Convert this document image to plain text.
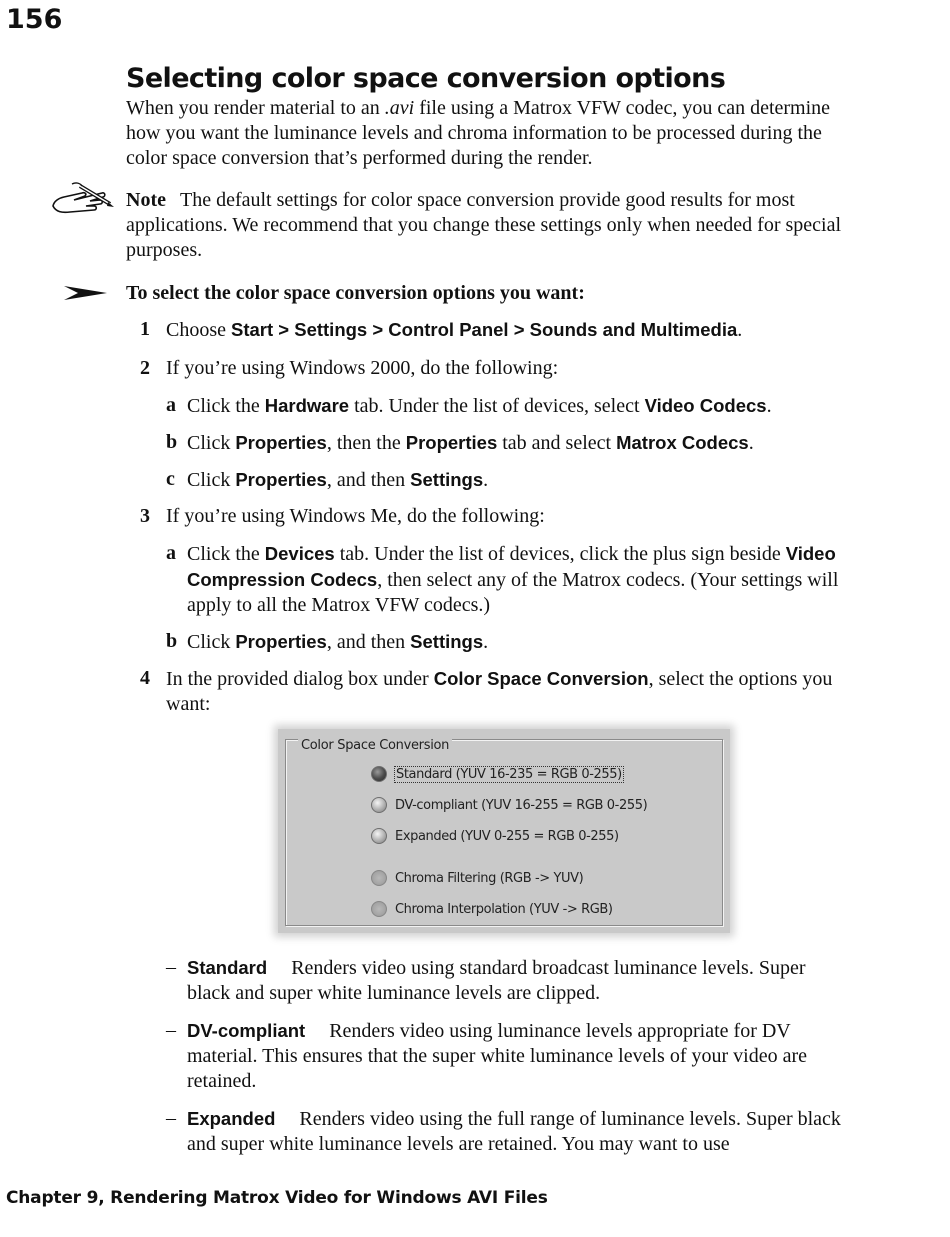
156
Selecting color space conversion options

When you render material to an .avi file using a Matrox VFW codec, you can determine how you want the luminance levels and chroma information to be processed during the color space conversion that’s performed during the render.

Note The default settings for color space conversion provide good results for most applications. We recommend that you change these settings only when needed for special purposes.

To select the color space conversion options you want:
1 Choose Start > Settings > Control Panel > Sounds and Multimedia.
2 If you’re using Windows 2000, do the following:
a Click the Hardware tab. Under the list of devices, select Video Codecs.
b Click Properties, then the Properties tab and select Matrox Codecs.
c Click Properties, and then Settings.
3 If you’re using Windows Me, do the following:
a Click the Devices tab. Under the list of devices, click the plus sign beside Video Compression Codecs, then select any of the Matrox codecs. (Your settings will apply to all the Matrox VFW codecs.)
b Click Properties, and then Settings.
4 In the provided dialog box under Color Space Conversion, select the options you want:
Color Space Conversion
Standard (YUV 16-235 = RGB 0-255)
DV-compliant (YUV 16-255 = RGB 0-255)
Expanded (YUV 0-255 = RGB 0-255)
Chroma Filtering (RGB -> YUV)
Chroma Interpolation (YUV -> RGB)
– Standard Renders video using standard broadcast luminance levels. Super black and super white luminance levels are clipped.
– DV-compliant Renders video using luminance levels appropriate for DV material. This ensures that the super white luminance levels of your video are retained.
– Expanded Renders video using the full range of luminance levels. Super black and super white luminance levels are retained. You may want to use
Chapter 9, Rendering Matrox Video for Windows AVI Files
